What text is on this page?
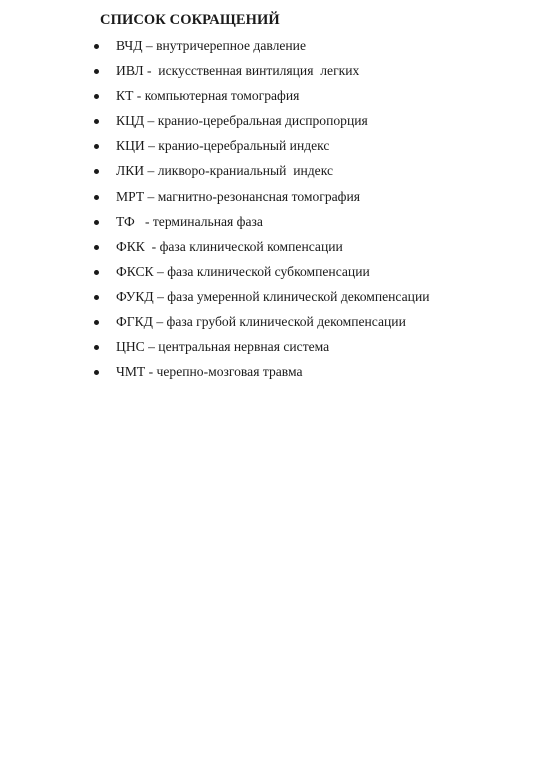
СПИСОК СОКРАЩЕНИЙ

ВЧД – внутричерепное давление

ИВЛ -  искусственная винтиляция  легких

КТ - компьютерная томография

КЦД – кранио-церебральная диспропорция

КЦИ – кранио-церебральный индекс

ЛКИ – ликворо-краниальный  индекс

МРТ – магнитно-резонансная томография

ТФ   - терминальная фаза

ФКК  - фаза клинической компенсации

ФКСК – фаза клинической субкомпенсации

ФУКД – фаза умеренной клинической декомпенсации

ФГКД – фаза грубой клинической декомпенсации

ЦНС – центральная нервная система

ЧМТ - черепно-мозговая травма
